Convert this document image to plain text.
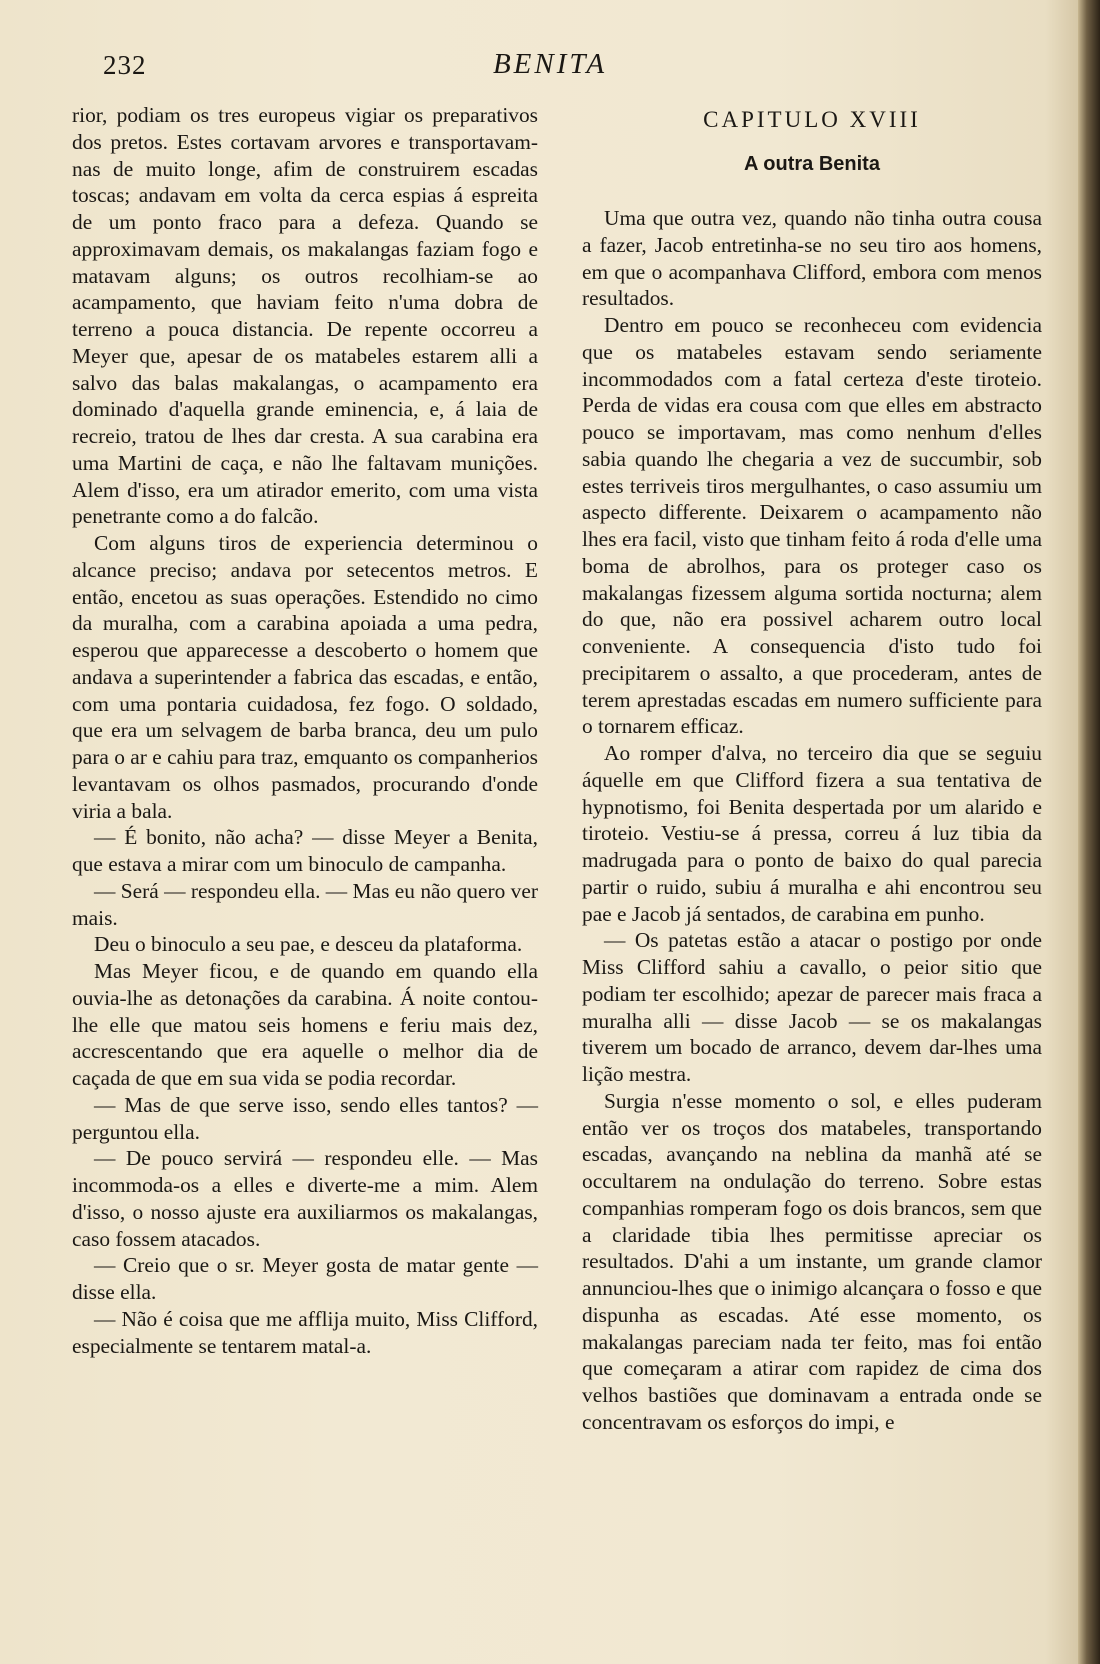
232	BENITA

rior, podiam os tres europeus vigiar os preparativos dos pretos. Estes cortavam arvores e transportavam-nas de muito longe, afim de construirem escadas toscas; andavam em volta da cerca espias á espreita de um ponto fraco para a defeza. Quando se approximavam demais, os makalangas faziam fogo e matavam alguns; os outros recolhiam-se ao acampamento, que haviam feito n'uma dobra de terreno a pouca distancia. De repente occorreu a Meyer que, apesar de os matabeles estarem alli a salvo das balas makalangas, o acampamento era dominado d'aquella grande eminencia, e, á laia de recreio, tratou de lhes dar cresta. A sua carabina era uma Martini de caça, e não lhe faltavam munições. Alem d'isso, era um atirador emerito, com uma vista penetrante como a do falcão.

Com alguns tiros de experiencia determinou o alcance preciso; andava por setecentos metros. E então, encetou as suas operações. Estendido no cimo da muralha, com a carabina apoiada a uma pedra, esperou que apparecesse a descoberto o homem que andava a superintender a fabrica das escadas, e então, com uma pontaria cuidadosa, fez fogo. O soldado, que era um selvagem de barba branca, deu um pulo para o ar e cahiu para traz, emquanto os companherios levantavam os olhos pasmados, procurando d'onde viria a bala.

— É bonito, não acha? — disse Meyer a Benita, que estava a mirar com um binoculo de campanha.

— Será — respondeu ella. — Mas eu não quero ver mais.

Deu o binoculo a seu pae, e desceu da plataforma.

Mas Meyer ficou, e de quando em quando ella ouvia-lhe as detonações da carabina. Á noite contou-lhe elle que matou seis homens e feriu mais dez, accrescentando que era aquelle o melhor dia de caçada de que em sua vida se podia recordar.

— Mas de que serve isso, sendo elles tantos? — perguntou ella.

— De pouco servirá — respondeu elle. — Mas incommoda-os a elles e diverte-me a mim. Alem d'isso, o nosso ajuste era auxiliarmos os makalangas, caso fossem atacados.

— Creio que o sr. Meyer gosta de matar gente — disse ella.

— Não é coisa que me afflija muito, Miss Clifford, especialmente se tentarem matal-a.

CAPITULO XVIII
A outra Benita

Uma que outra vez, quando não tinha outra cousa a fazer, Jacob entretinha-se no seu tiro aos homens, em que o acompanhava Clifford, embora com menos resultados.

Dentro em pouco se reconheceu com evidencia que os matabeles estavam sendo seriamente incommodados com a fatal certeza d'este tiroteio. Perda de vidas era cousa com que elles em abstracto pouco se importavam, mas como nenhum d'elles sabia quando lhe chegaria a vez de succumbir, sob estes terriveis tiros mergulhantes, o caso assumiu um aspecto differente. Deixarem o acampamento não lhes era facil, visto que tinham feito á roda d'elle uma boma de abrolhos, para os proteger caso os makalangas fizessem alguma sortida nocturna; alem do que, não era possivel acharem outro local conveniente. A consequencia d'isto tudo foi precipitarem o assalto, a que procederam, antes de terem aprestadas escadas em numero sufficiente para o tornarem efficaz.

Ao romper d'alva, no terceiro dia que se seguiu áquelle em que Clifford fizera a sua tentativa de hypnotismo, foi Benita despertada por um alarido e tiroteio. Vestiu-se á pressa, correu á luz tibia da madrugada para o ponto de baixo do qual parecia partir o ruido, subiu á muralha e ahi encontrou seu pae e Jacob já sentados, de carabina em punho.

— Os patetas estão a atacar o postigo por onde Miss Clifford sahiu a cavallo, o peior sitio que podiam ter escolhido; apezar de parecer mais fraca a muralha alli — disse Jacob — se os makalangas tiverem um bocado de arranco, devem dar-lhes uma lição mestra.

Surgia n'esse momento o sol, e elles puderam então ver os troços dos matabeles, transportando escadas, avançando na neblina da manhã até se occultarem na ondulação do terreno. Sobre estas companhias romperam fogo os dois brancos, sem que a claridade tibia lhes permitisse apreciar os resultados. D'ahi a um instante, um grande clamor annunciou-lhes que o inimigo alcançara o fosso e que dispunha as escadas. Até esse momento, os makalangas pareciam nada ter feito, mas foi então que começaram a atirar com rapidez de cima dos velhos bastiões que dominavam a entrada onde se concentravam os esforços do impi, e
